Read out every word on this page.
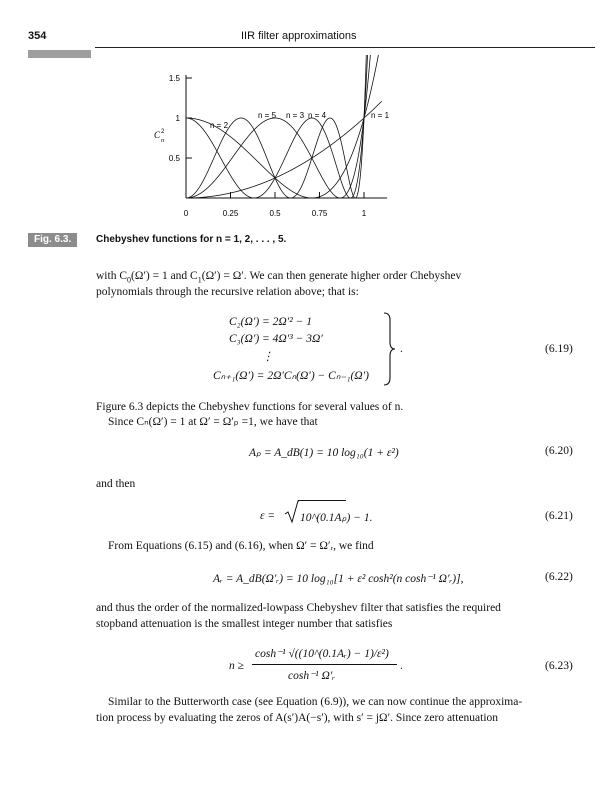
354	IIR filter approximations
0.5
1
1.5
0	0.25	0.5	0.75	1
C 2
n
n = 2
n = 5 n = 3 n = 4	n = 1
Fig. 6.3.	Chebyshev functions for n = 1, 2, . . . , 5.
with $C_0(\Omega') = 1$ and $C_1(\Omega') = \Omega'$. We can then generate higher order Chebyshev
polynomials through the recursive relation above; that is:
C₂(Ω′) = 2Ω′² − 1
C₃(Ω′) = 4Ω′³ − 3Ω′
⋮
Cₙ₊₁(Ω′) = 2Ω′Cₙ(Ω′) − Cₙ₋₁(Ω′)
.	(6.19)
Figure 6.3 depicts the Chebyshev functions for several values of n.
Since Cₙ(Ω′) = 1 at Ω′ = Ω′ₚ =1, we have that
Aₚ = A_dB(1) = 10 log₁₀(1 + ε²)	(6.20)
and then
ε = 10^(0.1Aₚ) − 1.	(6.21)
From Equations (6.15) and (6.16), when Ω′ = Ω′ᵣ, we find
Aᵣ = A_dB(Ω′ᵣ) = 10 log₁₀[1 + ε² cosh²(n cosh⁻¹ Ω′ᵣ)],	(6.22)
and thus the order of the normalized-lowpass Chebyshev filter that satisfies the required
stopband attenuation is the smallest integer number that satisfies
n ≥
cosh⁻¹ √((10^(0.1Aᵣ) − 1)/ε²)
cosh⁻¹ Ω′ᵣ
.	(6.23)
Similar to the Butterworth case (see Equation (6.9)), we can now continue the approxima-
tion process by evaluating the zeros of A(s′)A(−s′), with s′ = jΩ′. Since zero attenuation
